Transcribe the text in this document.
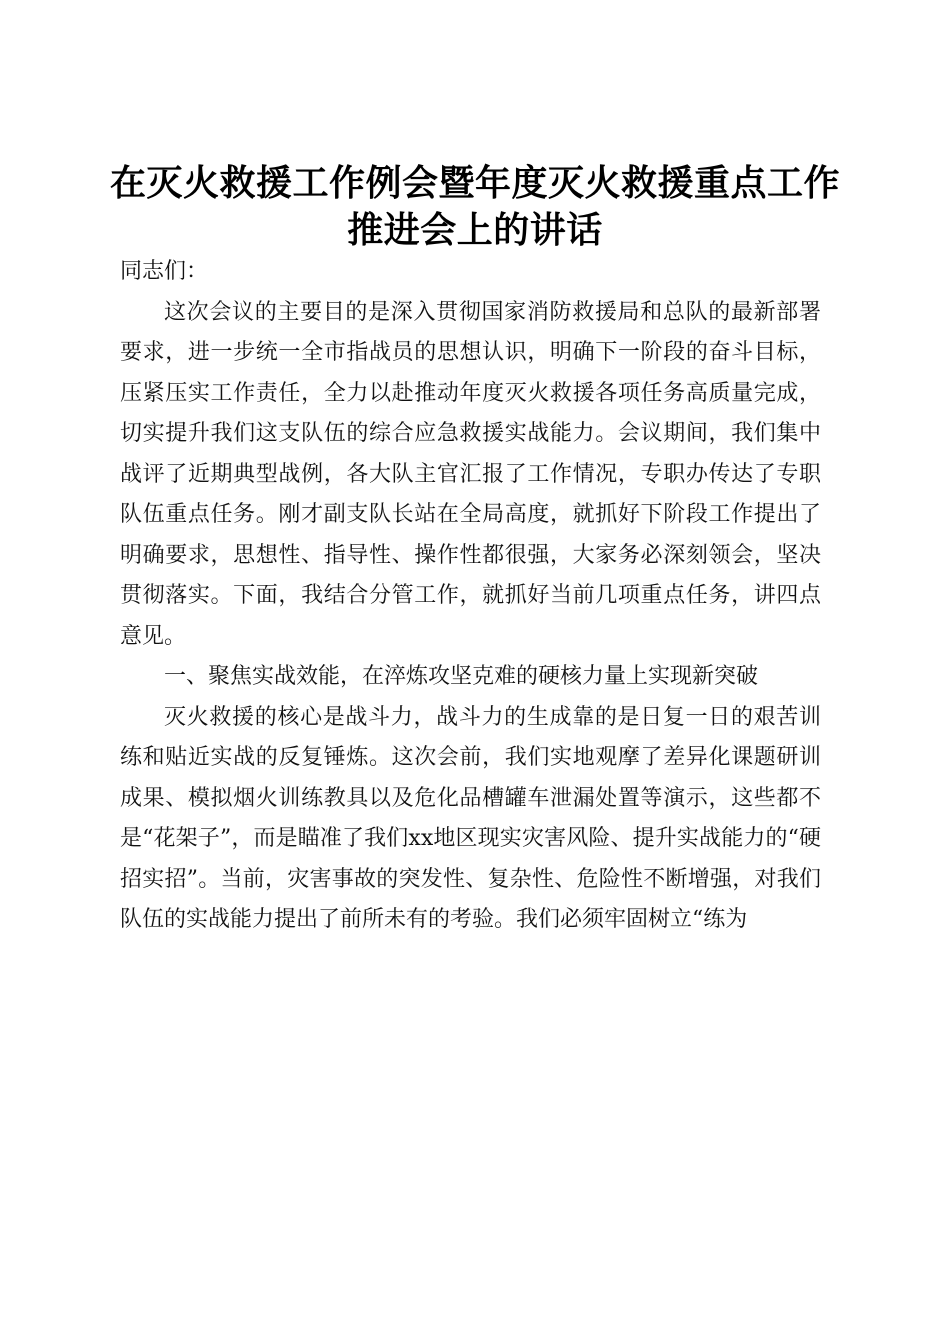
在灭火救援工作例会暨年度灭火救援重点工作
推进会上的讲话

同志们：

这次会议的主要目的是深入贯彻国家消防救援局和总队的最新部署要求，进一步统一全市指战员的思想认识，明确下一阶段的奋斗目标，压紧压实工作责任，全力以赴推动年度灭火救援各项任务高质量完成，切实提升我们这支队伍的综合应急救援实战能力。会议期间，我们集中战评了近期典型战例，各大队主官汇报了工作情况，专职办传达了专职队伍重点任务。刚才副支队长站在全局高度，就抓好下阶段工作提出了明确要求，思想性、指导性、操作性都很强，大家务必深刻领会，坚决贯彻落实。下面，我结合分管工作，就抓好当前几项重点任务，讲四点意见。

一、聚焦实战效能，在淬炼攻坚克难的硬核力量上实现新突破

灭火救援的核心是战斗力，战斗力的生成靠的是日复一日的艰苦训练和贴近实战的反复锤炼。这次会前，我们实地观摩了差异化课题研训成果、模拟烟火训练教具以及危化品槽罐车泄漏处置等演示，这些都不是“花架子”，而是瞄准了我们xx地区现实灾害风险、提升实战能力的“硬招实招”。当前，灾害事故的突发性、复杂性、危险性不断增强，对我们队伍的实战能力提出了前所未有的考验。我们必须牢固树立“练为
